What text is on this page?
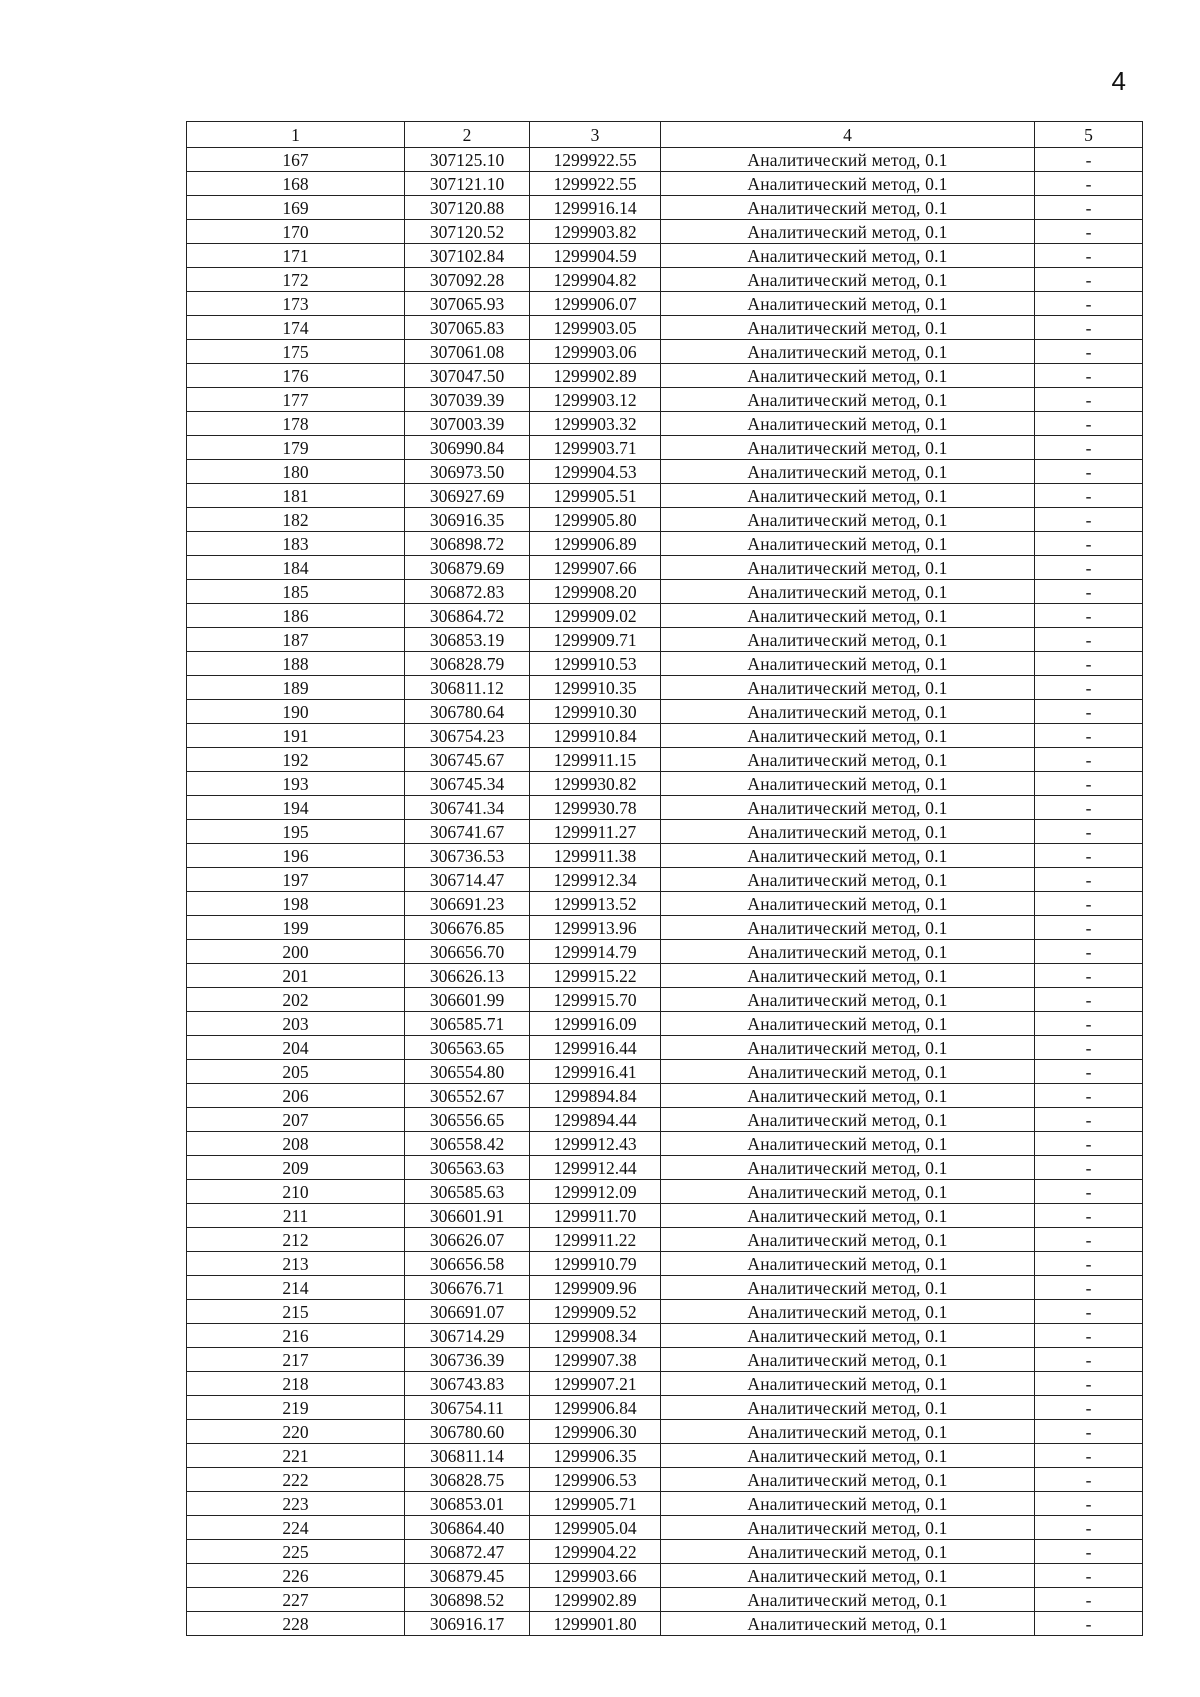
4
1	2	3	4	5
167	307125.10	1299922.55	Аналитический метод, 0.1	-
168	307121.10	1299922.55	Аналитический метод, 0.1	-
169	307120.88	1299916.14	Аналитический метод, 0.1	-
170	307120.52	1299903.82	Аналитический метод, 0.1	-
171	307102.84	1299904.59	Аналитический метод, 0.1	-
172	307092.28	1299904.82	Аналитический метод, 0.1	-
173	307065.93	1299906.07	Аналитический метод, 0.1	-
174	307065.83	1299903.05	Аналитический метод, 0.1	-
175	307061.08	1299903.06	Аналитический метод, 0.1	-
176	307047.50	1299902.89	Аналитический метод, 0.1	-
177	307039.39	1299903.12	Аналитический метод, 0.1	-
178	307003.39	1299903.32	Аналитический метод, 0.1	-
179	306990.84	1299903.71	Аналитический метод, 0.1	-
180	306973.50	1299904.53	Аналитический метод, 0.1	-
181	306927.69	1299905.51	Аналитический метод, 0.1	-
182	306916.35	1299905.80	Аналитический метод, 0.1	-
183	306898.72	1299906.89	Аналитический метод, 0.1	-
184	306879.69	1299907.66	Аналитический метод, 0.1	-
185	306872.83	1299908.20	Аналитический метод, 0.1	-
186	306864.72	1299909.02	Аналитический метод, 0.1	-
187	306853.19	1299909.71	Аналитический метод, 0.1	-
188	306828.79	1299910.53	Аналитический метод, 0.1	-
189	306811.12	1299910.35	Аналитический метод, 0.1	-
190	306780.64	1299910.30	Аналитический метод, 0.1	-
191	306754.23	1299910.84	Аналитический метод, 0.1	-
192	306745.67	1299911.15	Аналитический метод, 0.1	-
193	306745.34	1299930.82	Аналитический метод, 0.1	-
194	306741.34	1299930.78	Аналитический метод, 0.1	-
195	306741.67	1299911.27	Аналитический метод, 0.1	-
196	306736.53	1299911.38	Аналитический метод, 0.1	-
197	306714.47	1299912.34	Аналитический метод, 0.1	-
198	306691.23	1299913.52	Аналитический метод, 0.1	-
199	306676.85	1299913.96	Аналитический метод, 0.1	-
200	306656.70	1299914.79	Аналитический метод, 0.1	-
201	306626.13	1299915.22	Аналитический метод, 0.1	-
202	306601.99	1299915.70	Аналитический метод, 0.1	-
203	306585.71	1299916.09	Аналитический метод, 0.1	-
204	306563.65	1299916.44	Аналитический метод, 0.1	-
205	306554.80	1299916.41	Аналитический метод, 0.1	-
206	306552.67	1299894.84	Аналитический метод, 0.1	-
207	306556.65	1299894.44	Аналитический метод, 0.1	-
208	306558.42	1299912.43	Аналитический метод, 0.1	-
209	306563.63	1299912.44	Аналитический метод, 0.1	-
210	306585.63	1299912.09	Аналитический метод, 0.1	-
211	306601.91	1299911.70	Аналитический метод, 0.1	-
212	306626.07	1299911.22	Аналитический метод, 0.1	-
213	306656.58	1299910.79	Аналитический метод, 0.1	-
214	306676.71	1299909.96	Аналитический метод, 0.1	-
215	306691.07	1299909.52	Аналитический метод, 0.1	-
216	306714.29	1299908.34	Аналитический метод, 0.1	-
217	306736.39	1299907.38	Аналитический метод, 0.1	-
218	306743.83	1299907.21	Аналитический метод, 0.1	-
219	306754.11	1299906.84	Аналитический метод, 0.1	-
220	306780.60	1299906.30	Аналитический метод, 0.1	-
221	306811.14	1299906.35	Аналитический метод, 0.1	-
222	306828.75	1299906.53	Аналитический метод, 0.1	-
223	306853.01	1299905.71	Аналитический метод, 0.1	-
224	306864.40	1299905.04	Аналитический метод, 0.1	-
225	306872.47	1299904.22	Аналитический метод, 0.1	-
226	306879.45	1299903.66	Аналитический метод, 0.1	-
227	306898.52	1299902.89	Аналитический метод, 0.1	-
228	306916.17	1299901.80	Аналитический метод, 0.1	-
